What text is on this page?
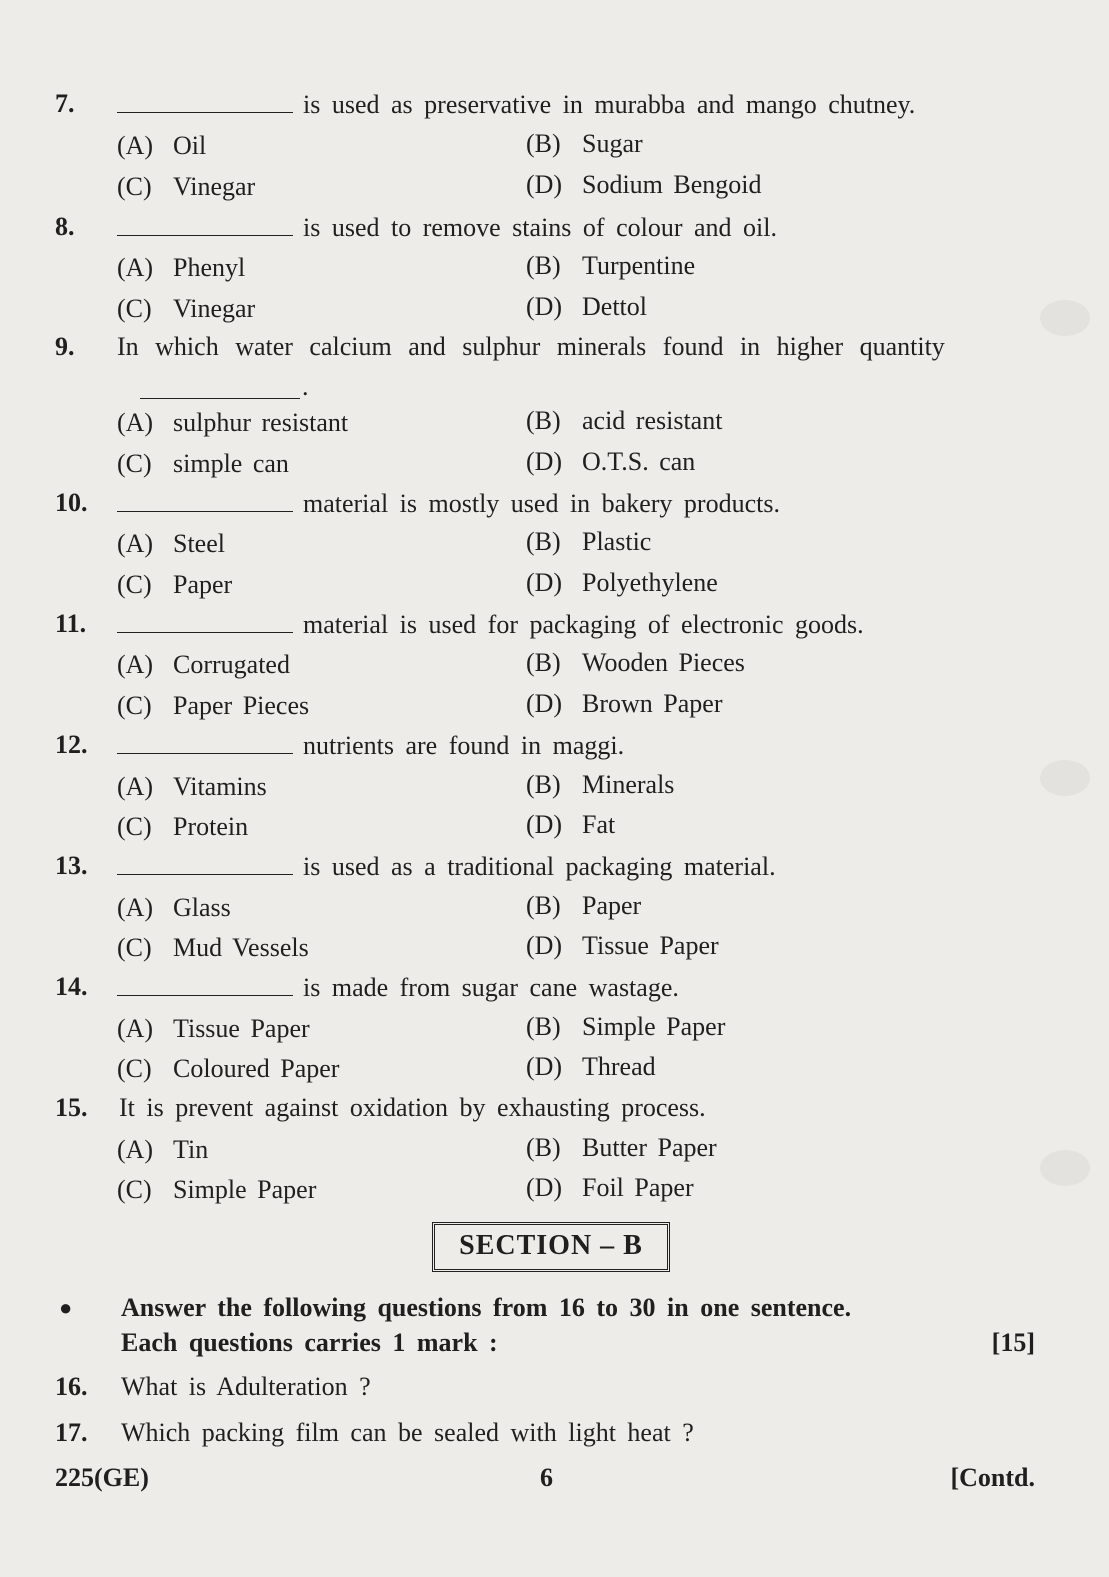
7.	is used as preservative in murabba and mango chutney.
(A) Oil	(B) Sugar
(C) Vinegar	(D) Sodium Bengoid
8.	is used to remove stains of colour and oil.
(A) Phenyl	(B) Turpentine
(C) Vinegar	(D) Dettol
9. In which water calcium and sulphur minerals found in higher quantity
.
(A) sulphur resistant	(B) acid resistant
(C) simple can	(D) O.T.S. can
10.	material is mostly used in bakery products.
(A) Steel	(B) Plastic
(C) Paper	(D) Polyethylene
11.	material is used for packaging of electronic goods.
(A) Corrugated	(B) Wooden Pieces
(C) Paper Pieces	(D) Brown Paper
12.	nutrients are found in maggi.
(A) Vitamins	(B) Minerals
(C) Protein	(D) Fat
13.	is used as a traditional packaging material.
(A) Glass	(B) Paper
(C) Mud Vessels	(D) Tissue Paper
14.	is made from sugar cane wastage.
(A) Tissue Paper	(B) Simple Paper
(C) Coloured Paper	(D) Thread
15. It is prevent against oxidation by exhausting process.
(A) Tin	(B) Butter Paper
(C) Simple Paper	(D) Foil Paper
SECTION – B
● Answer the following questions from 16 to 30 in one sentence.
Each questions carries 1 mark :	[15]
16. What is Adulteration ?
17. Which packing film can be sealed with light heat ?
225(GE)	6	[Contd.
